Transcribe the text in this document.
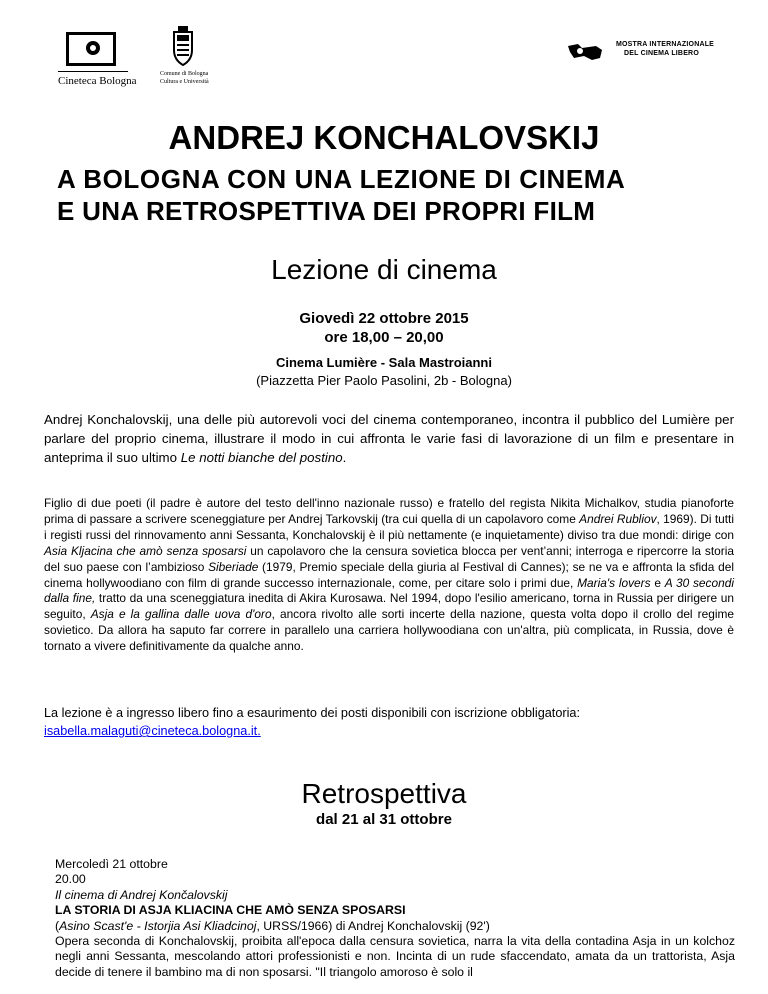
Cineteca Bologna
Comune di Bologna
Cultura e Università
MOSTRA INTERNAZIONALE
DEL CINEMA LIBERO
ANDREJ KONCHALOVSKIJ
A BOLOGNA CON UNA LEZIONE DI CINEMA
E UNA RETROSPETTIVA DEI PROPRI FILM
Lezione di cinema
Giovedì 22 ottobre 2015
ore 18,00 – 20,00
Cinema Lumière - Sala Mastroianni
(Piazzetta Pier Paolo Pasolini, 2b - Bologna)

Andrej Konchalovskij, una delle più autorevoli voci del cinema contemporaneo, incontra il pubblico del Lumière per parlare del proprio cinema, illustrare il modo in cui affronta le varie fasi di lavorazione di un film e presentare in anteprima il suo ultimo Le notti bianche del postino.

Figlio di due poeti (il padre è autore del testo dell'inno nazionale russo) e fratello del regista Nikita Michalkov, studia pianoforte prima di passare a scrivere sceneggiature per Andrej Tarkovskij (tra cui quella di un capolavoro come Andrei Rubliov, 1969). Di tutti i registi russi del rinnovamento anni Sessanta, Konchalovskij è il più nettamente (e inquietamente) diviso tra due mondi: dirige con Asia Kljacina che amò senza sposarsi un capolavoro che la censura sovietica blocca per vent’anni; interroga e ripercorre la storia del suo paese con l’ambizioso Siberiade (1979, Premio speciale della giuria al Festival di Cannes); se ne va e affronta la sfida del cinema hollywoodiano con film di grande successo internazionale, come, per citare solo i primi due, Maria's lovers e A 30 secondi dalla fine, tratto da una sceneggiatura inedita di Akira Kurosawa. Nel 1994, dopo l'esilio americano, torna in Russia per dirigere un seguito, Asja e la gallina dalle uova d'oro, ancora rivolto alle sorti incerte della nazione, questa volta dopo il crollo del regime sovietico. Da allora ha saputo far correre in parallelo una carriera hollywoodiana con un'altra, più complicata, in Russia, dove è tornato a vivere definitivamente da qualche anno.

La lezione è a ingresso libero fino a esaurimento dei posti disponibili con iscrizione obbligatoria:
isabella.malaguti@cineteca.bologna.it.

Retrospettiva
dal 21 al 31 ottobre
Mercoledì 21 ottobre
20.00
Il cinema di Andrej Končalovskij
LA STORIA DI ASJA KLIACINA CHE AMÒ SENZA SPOSARSI
(Asino Scast'e - Istorjia Asi Kliadcinoj, URSS/1966) di Andrej Konchalovskij (92')
Opera seconda di Konchalovskij, proibita all'epoca dalla censura sovietica, narra la vita della contadina Asja in un kolchoz negli anni Sessanta, mescolando attori professionisti e non. Incinta di un rude sfaccendato, amata da un trattorista, Asja decide di tenere il bambino ma di non sposarsi. "Il triangolo amoroso è solo il
